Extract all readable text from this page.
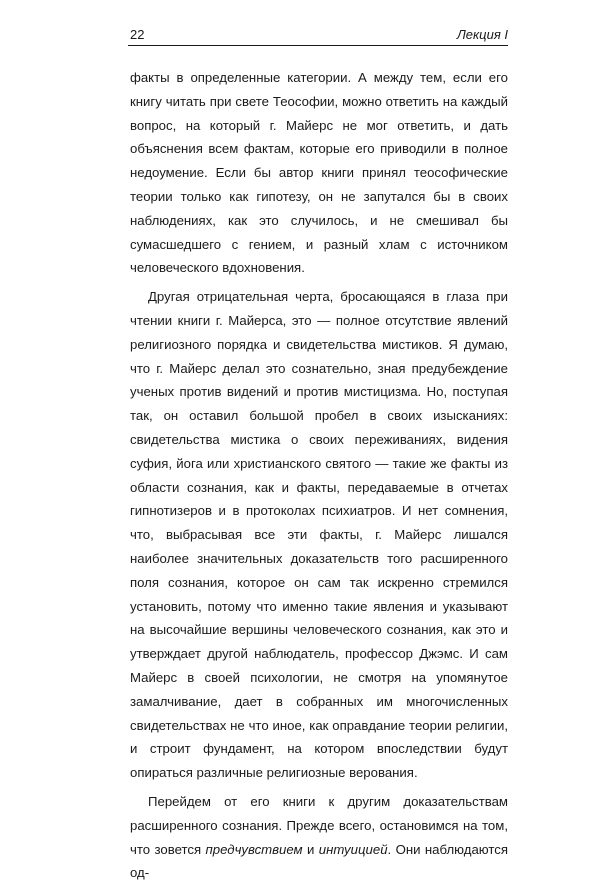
22	Лекция I

факты в определенные категории. А между тем, если его книгу читать при свете Теософии, можно ответить на каждый вопрос, на который г. Майерс не мог ответить, и дать объяснения всем фактам, которые его приводили в полное недоумение. Если бы автор книги принял теософические теории только как гипотезу, он не запутался бы в своих наблюдениях, как это случилось, и не смешивал бы сумасшедшего с гением, и разный хлам с источником человеческого вдохновения.

Другая отрицательная черта, бросающаяся в глаза при чтении книги г. Майерса, это — полное отсутствие явлений религиозного порядка и свидетельства мистиков. Я думаю, что г. Майерс делал это сознательно, зная предубеждение ученых против видений и против мистицизма. Но, поступая так, он оставил большой пробел в своих изысканиях: свидетельства мистика о своих переживаниях, видения суфия, йога или христианского святого — такие же факты из области сознания, как и факты, передаваемые в отчетах гипнотизеров и в протоколах психиатров. И нет сомнения, что, выбрасывая все эти факты, г. Майерс лишался наиболее значительных доказательств того расширенного поля сознания, которое он сам так искренно стремился установить, потому что именно такие явления и указывают на высочайшие вершины человеческого сознания, как это и утверждает другой наблюдатель, профессор Джэмс. И сам Майерс в своей психологии, не смотря на упомянутое замалчивание, дает в собранных им многочисленных свидетельствах не что иное, как оправдание теории религии, и строит фундамент, на котором впоследствии будут опираться различные религиозные верования.

Перейдем от его книги к другим доказательствам расширенного сознания. Прежде всего, остановимся на том, что зовется предчувствием и интуицией. Они наблюдаются од-
